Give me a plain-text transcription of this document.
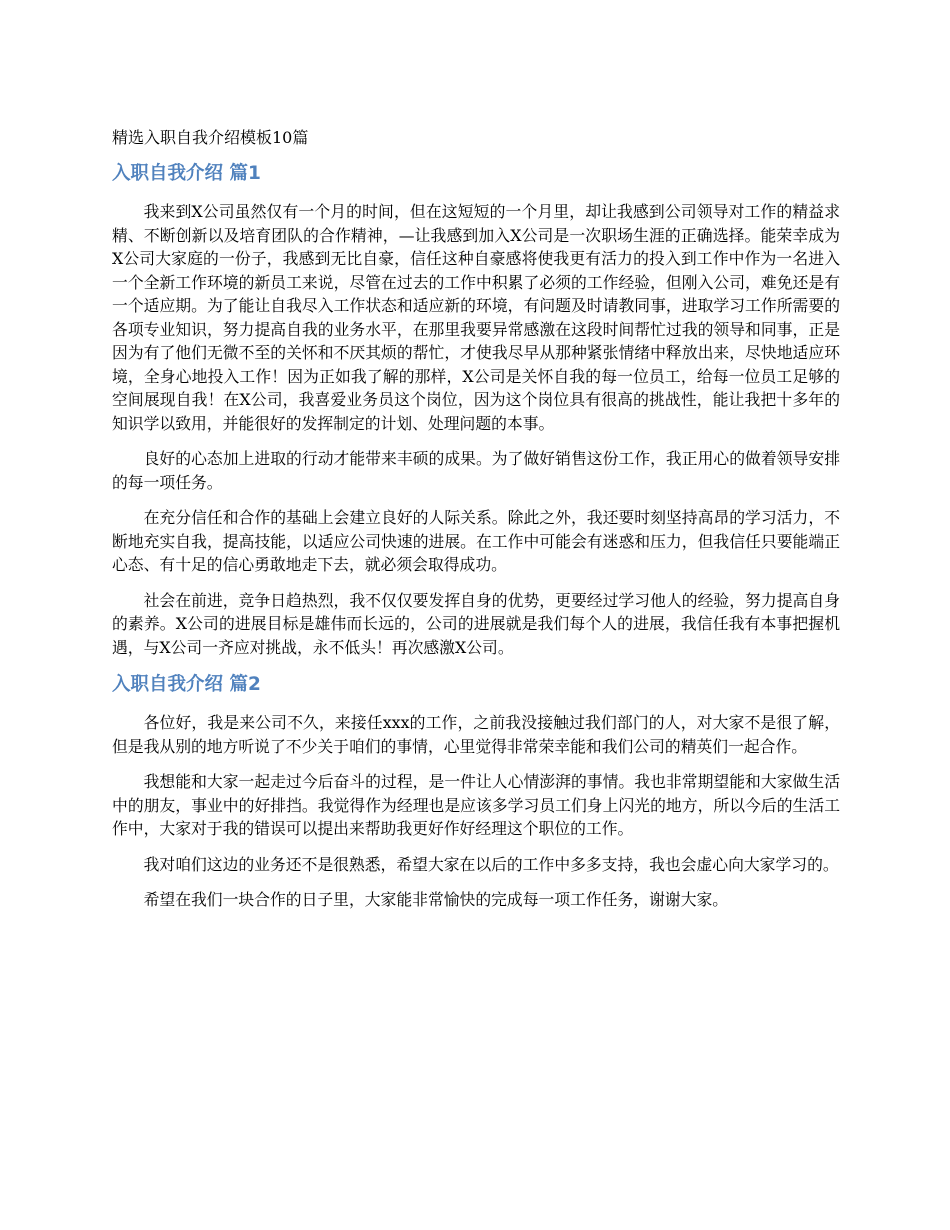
精选入职自我介绍模板10篇
入职自我介绍 篇1

我来到X公司虽然仅有一个月的时间，但在这短短的一个月里，却让我感到公司领导对工作的精益求精、不断创新以及培育团队的合作精神，—让我感到加入X公司是一次职场生涯的正确选择。能荣幸成为X公司大家庭的一份子，我感到无比自豪，信任这种自豪感将使我更有活力的投入到工作中作为一名进入一个全新工作环境的新员工来说，尽管在过去的工作中积累了必须的工作经验，但刚入公司，难免还是有一个适应期。为了能让自我尽入工作状态和适应新的环境，有问题及时请教同事，进取学习工作所需要的各项专业知识，努力提高自我的业务水平，在那里我要异常感激在这段时间帮忙过我的领导和同事，正是因为有了他们无微不至的关怀和不厌其烦的帮忙，才使我尽早从那种紧张情绪中释放出来，尽快地适应环境，全身心地投入工作！因为正如我了解的那样，X公司是关怀自我的每一位员工，给每一位员工足够的空间展现自我！在X公司，我喜爱业务员这个岗位，因为这个岗位具有很高的挑战性，能让我把十多年的知识学以致用，并能很好的发挥制定的计划、处理问题的本事。

良好的心态加上进取的行动才能带来丰硕的成果。为了做好销售这份工作，我正用心的做着领导安排的每一项任务。

在充分信任和合作的基础上会建立良好的人际关系。除此之外，我还要时刻坚持高昂的学习活力，不断地充实自我，提高技能，以适应公司快速的进展。在工作中可能会有迷惑和压力，但我信任只要能端正心态、有十足的信心勇敢地走下去，就必须会取得成功。

社会在前进，竞争日趋热烈，我不仅仅要发挥自身的优势，更要经过学习他人的经验，努力提高自身的素养。X公司的进展目标是雄伟而长远的，公司的进展就是我们每个人的进展，我信任我有本事把握机遇，与X公司一齐应对挑战，永不低头！再次感激X公司。

入职自我介绍 篇2

各位好，我是来公司不久，来接任xxx的工作，之前我没接触过我们部门的人，对大家不是很了解，但是我从别的地方听说了不少关于咱们的事情，心里觉得非常荣幸能和我们公司的精英们一起合作。

我想能和大家一起走过今后奋斗的过程，是一件让人心情澎湃的事情。我也非常期望能和大家做生活中的朋友，事业中的好排挡。我觉得作为经理也是应该多学习员工们身上闪光的地方，所以今后的生活工作中，大家对于我的错误可以提出来帮助我更好作好经理这个职位的工作。

我对咱们这边的业务还不是很熟悉，希望大家在以后的工作中多多支持，我也会虚心向大家学习的。

希望在我们一块合作的日子里，大家能非常愉快的完成每一项工作任务，谢谢大家。
